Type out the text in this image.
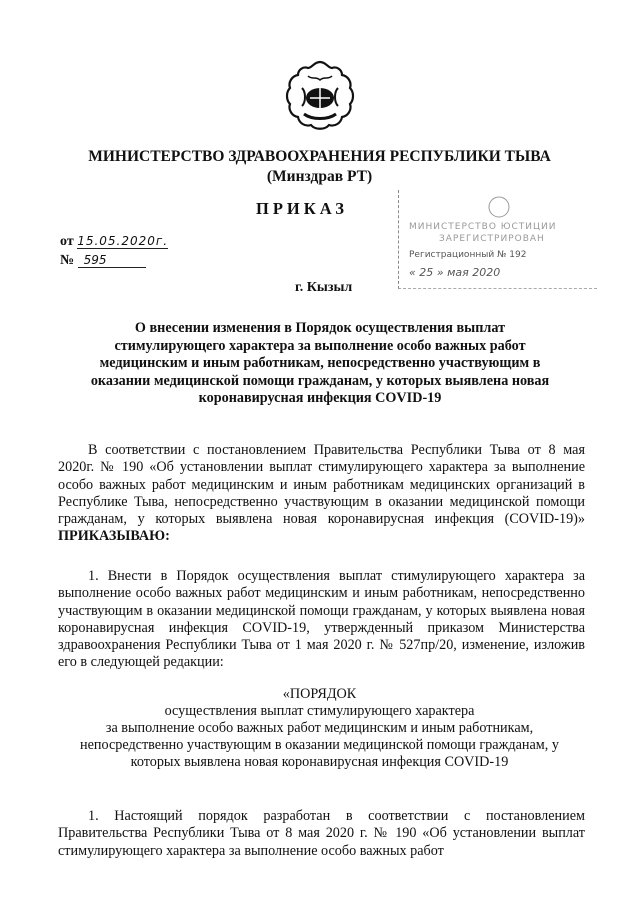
МИНИСТЕРСТВО ЗДРАВООХРАНЕНИЯ РЕСПУБЛИКИ ТЫВА
(Минздрав РТ)
ПРИКАЗ
от 15.05.2020г.
№ 595
г. Кызыл
МИНИСТЕРСТВО ЮСТИЦИИ
ЗАРЕГИСТРИРОВАН
Регистрационный № 192
« 25 » мая 2020
О внесении изменения в Порядок осуществления выплат стимулирующего характера за выполнение особо важных работ медицинским и иным работникам, непосредственно участвующим в оказании медицинской помощи гражданам, у которых выявлена новая коронавирусная инфекция COVID-19
В соответствии с постановлением Правительства Республики Тыва от 8 мая 2020г. № 190 «Об установлении выплат стимулирующего характера за выполнение особо важных работ медицинским и иным работникам медицинских организаций в Республике Тыва, непосредственно участвующим в оказании медицинской помощи гражданам, у которых выявлена новая коронавирусная инфекция (COVID-19)» ПРИКАЗЫВАЮ:
1. Внести в Порядок осуществления выплат стимулирующего характера за выполнение особо важных работ медицинским и иным работникам, непосредственно участвующим в оказании медицинской помощи гражданам, у которых выявлена новая коронавирусная инфекция COVID-19, утвержденный приказом Министерства здравоохранения Республики Тыва от 1 мая 2020 г. № 527пр/20, изменение, изложив его в следующей редакции:
«ПОРЯДОК
осуществления выплат стимулирующего характера
за выполнение особо важных работ медицинским и иным работникам,
непосредственно участвующим в оказании медицинской помощи гражданам, у
которых выявлена новая коронавирусная инфекция COVID-19
1. Настоящий порядок разработан в соответствии с постановлением Правительства Республики Тыва от 8 мая 2020 г. № 190 «Об установлении выплат стимулирующего характера за выполнение особо важных работ
